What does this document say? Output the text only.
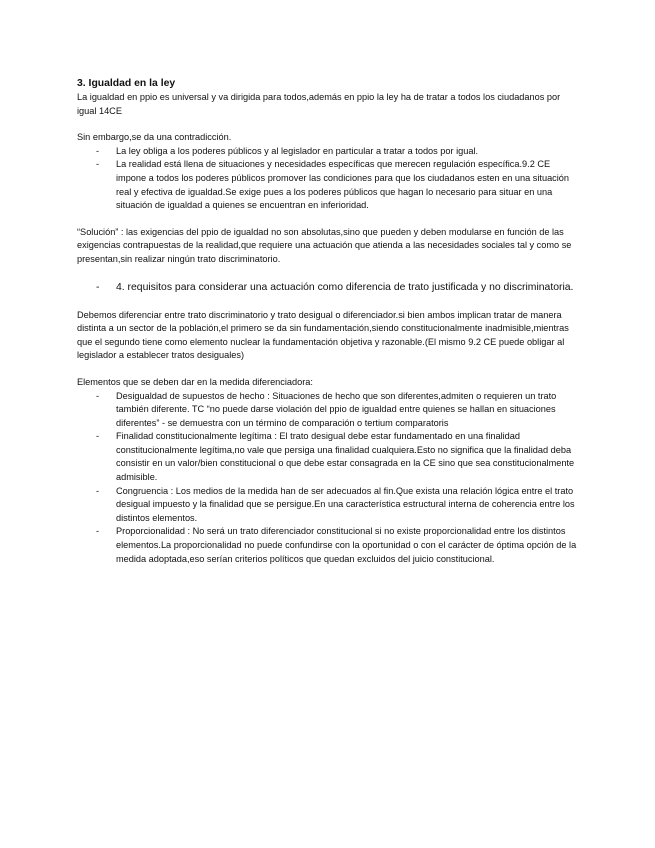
3. Igualdad en la ley

La igualdad en ppio es universal y va dirigida para todos,además en ppio la ley ha de tratar a todos los ciudadanos por igual 14CE

Sin embargo,se da una contradicción.

- La ley obliga a los poderes públicos y al legislador en particular a tratar a todos por igual.
- La realidad está llena de situaciones y necesidades específicas que merecen regulación específica.9.2 CE impone a todos los poderes públicos promover las condiciones para que los ciudadanos esten en una situación real y efectiva de igualdad.Se exige pues a los poderes públicos que hagan lo necesario para situar en una situación de igualdad a quienes se encuentran en inferioridad.

“Solución” : las exigencias del ppio de igualdad no son absolutas,sino que pueden y deben modularse en función de las exigencias contrapuestas de la realidad,que requiere una actuación que atienda a las necesidades sociales tal y como se presentan,sin realizar ningún trato discriminatorio.

- 4. requisitos para considerar una actuación como diferencia de trato justificada y no discriminatoria.

Debemos diferenciar entre trato discriminatorio y trato desigual o diferenciador.si bien ambos implican tratar de manera distinta a un sector de la población,el primero se da sin fundamentación,siendo constitucionalmente inadmisible,mientras que el segundo tiene como elemento nuclear la fundamentación objetiva y razonable.(El mismo 9.2 CE puede obligar al legislador a establecer tratos desiguales)

Elementos que se deben dar en la medida diferenciadora:

- Desigualdad de supuestos de hecho : Situaciones de hecho que son diferentes,admiten o requieren un trato también diferente. TC “no puede darse violación del ppio de igualdad entre quienes se hallan en situaciones diferentes” - se demuestra con un término de comparación o tertium comparatoris
- Finalidad constitucionalmente legítima : El trato desigual debe estar fundamentado en una finalidad constitucionalmente legítima,no vale que persiga una finalidad cualquiera.Esto no significa que la finalidad deba consistir en un valor/bien constitucional o que debe estar consagrada en la CE sino que sea constitucionalmente admisible.
- Congruencia : Los medios de la medida han de ser adecuados al fin.Que exista una relación lógica entre el trato desigual impuesto y la finalidad que se persigue.En una característica estructural interna de coherencia entre los distintos elementos.
- Proporcionalidad : No será un trato diferenciador constitucional si no existe proporcionalidad entre los distintos elementos.La proporcionalidad no puede confundirse con la oportunidad o con el carácter de óptima opción de la medida adoptada,eso serían criterios políticos que quedan excluidos del juicio constitucional.
